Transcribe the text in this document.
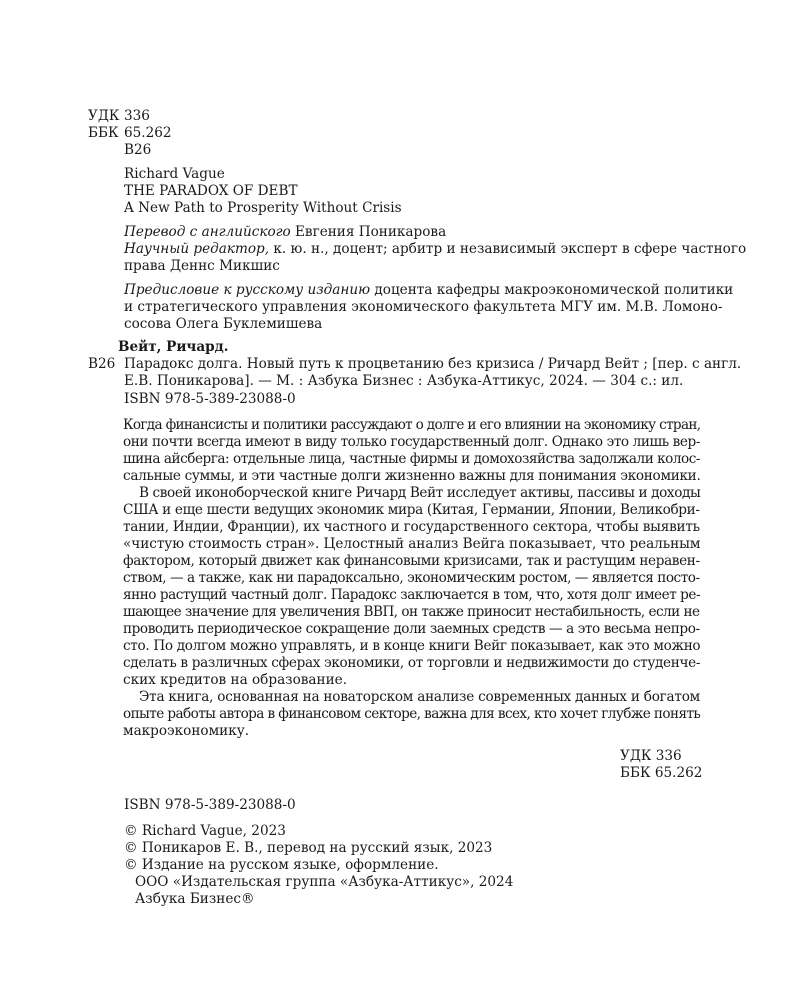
УДК 336
ББК 65.262
В26
Richard Vague
THE PARADOX OF DEBT
A New Path to Prosperity Without Crisis
Перевод с английского Евгения Поникарова
Научный редактор, к. ю. н., доцент; арбитр и независимый эксперт в сфере частного
права Деннс Микшис
Предисловие к русскому изданию доцента кафедры макроэкономической политики
и стратегического управления экономического факультета МГУ им. М.В. Ломоно-
сосова Олега Буклемишева
Вейт, Ричард.
В26 Парадокс долга. Новый путь к процветанию без кризиса / Ричард Вейт ; [пер. с англ.
Е.В. Поникарова]. — М. : Азбука Бизнес : Азбука-Аттикус, 2024. — 304 с.: ил.
ISBN 978-5-389-23088-0
Когда финансисты и политики рассуждают о долге и его влиянии на экономику стран,
они почти всегда имеют в виду только государственный долг. Однако это лишь вер-
шина айсберга: отдельные лица, частные фирмы и домохозяйства задолжали колос-
сальные суммы, и эти частные долги жизненно важны для понимания экономики.
В своей иконоборческой книге Ричард Вейт исследует активы, пассивы и доходы
США и еще шести ведущих экономик мира (Китая, Германии, Японии, Великобри-
тании, Индии, Франции), их частного и государственного сектора, чтобы выявить
«чистую стоимость стран». Целостный анализ Вейга показывает, что реальным
фактором, который движет как финансовыми кризисами, так и растущим неравен-
ством, — а также, как ни парадоксально, экономическим ростом, — является посто-
янно растущий частный долг. Парадокс заключается в том, что, хотя долг имеет ре-
шающее значение для увеличения ВВП, он также приносит нестабильность, если не
проводить периодическое сокращение доли заемных средств — а это весьма непро-
сто. По долгом можно управлять, и в конце книги Вейг показывает, как это можно
сделать в различных сферах экономики, от торговли и недвижимости до студенче-
ских кредитов на образование.
Эта книга, основанная на новаторском анализе современных данных и богатом
опыте работы автора в финансовом секторе, важна для всех, кто хочет глубже понять
макроэкономику.
УДК 336
ББК 65.262
ISBN 978-5-389-23088-0
© Richard Vague, 2023
© Поникаров Е. В., перевод на русский язык, 2023
© Издание на русском языке, оформление.
ООО «Издательская группа «Азбука-Аттикус», 2024
Азбука Бизнес®
